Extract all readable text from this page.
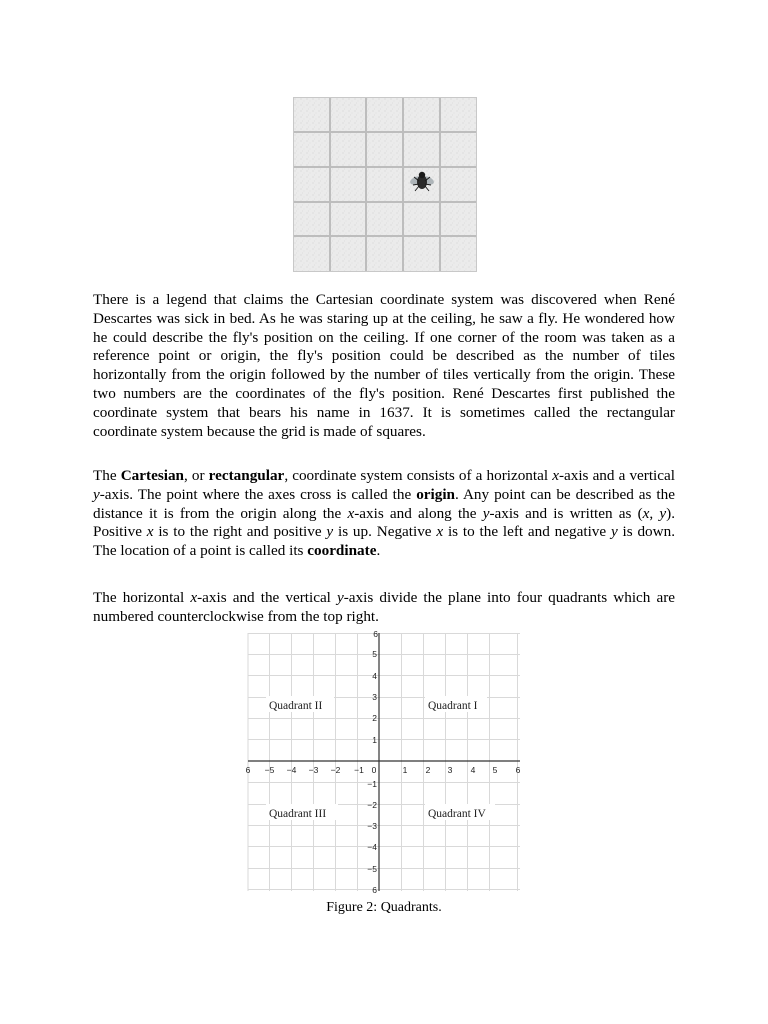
There is a legend that claims the Cartesian coordinate system was discovered when René Descartes was sick in bed. As he was staring up at the ceiling, he saw a fly. He wondered how he could describe the fly's position on the ceiling. If one corner of the room was taken as a reference point or origin, the fly's position could be described as the number of tiles horizontally from the origin followed by the number of tiles vertically from the origin. These two numbers are the coordinates of the fly's position. René Descartes first published the coordinate system that bears his name in 1637. It is sometimes called the rectangular coordinate system because the grid is made of squares.

The Cartesian, or rectangular, coordinate system consists of a horizontal x-axis and a vertical y-axis. The point where the axes cross is called the origin. Any point can be described as the distance it is from the origin along the x-axis and along the y-axis and is written as (x, y). Positive x is to the right and positive y is up. Negative x is to the left and negative y is down. The location of a point is called its coordinate.

The horizontal x-axis and the vertical y-axis divide the plane into four quadrants which are numbered counterclockwise from the top right.

6 −5 −4 −3 −2 −1 0	1 2 3 4 5 6
6
5
4
3
2
1
−1
−2
−3
−4
−5
6
Quadrant II	Quadrant I
Quadrant III	Quadrant IV
Figure 2: Quadrants.
